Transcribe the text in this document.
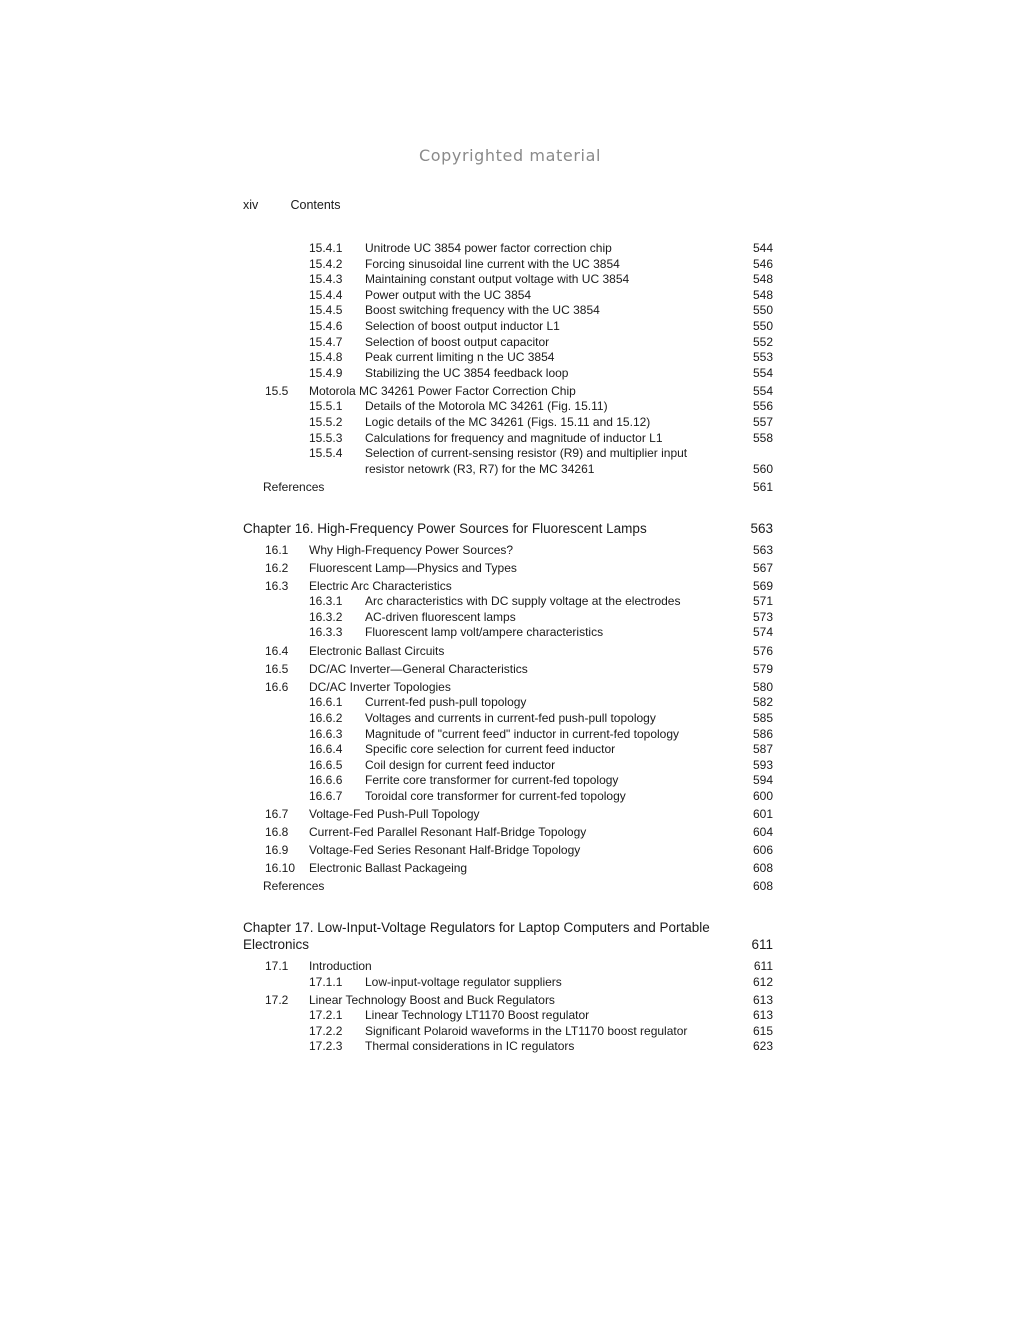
Copyrighted material
xiv	Contents
15.4.1 Unitrode UC 3854 power factor correction chip	544
15.4.2 Forcing sinusoidal line current with the UC 3854	546
15.4.3 Maintaining constant output voltage with UC 3854	548
15.4.4 Power output with the UC 3854	548
15.4.5 Boost switching frequency with the UC 3854	550
15.4.6 Selection of boost output inductor L1	550
15.4.7 Selection of boost output capacitor	552
15.4.8 Peak current limiting n the UC 3854	553
15.4.9 Stabilizing the UC 3854 feedback loop	554
15.5 Motorola MC 34261 Power Factor Correction Chip	554
15.5.1 Details of the Motorola MC 34261 (Fig. 15.11)	556
15.5.2 Logic details of the MC 34261 (Figs. 15.11 and 15.12)	557
15.5.3 Calculations for frequency and magnitude of inductor L1	558
15.5.4 Selection of current-sensing resistor (R9) and multiplier input resistor netowrk (R3, R7) for the MC 34261	560
References	561
Chapter 16. High-Frequency Power Sources for Fluorescent Lamps	563
16.1 Why High-Frequency Power Sources?	563
16.2 Fluorescent Lamp—Physics and Types	567
16.3 Electric Arc Characteristics	569
16.3.1 Arc characteristics with DC supply voltage at the electrodes	571
16.3.2 AC-driven fluorescent lamps	573
16.3.3 Fluorescent lamp volt/ampere characteristics	574
16.4 Electronic Ballast Circuits	576
16.5 DC/AC Inverter—General Characteristics	579
16.6 DC/AC Inverter Topologies	580
16.6.1 Current-fed push-pull topology	582
16.6.2 Voltages and currents in current-fed push-pull topology	585
16.6.3 Magnitude of "current feed" inductor in current-fed topology	586
16.6.4 Specific core selection for current feed inductor	587
16.6.5 Coil design for current feed inductor	593
16.6.6 Ferrite core transformer for current-fed topology	594
16.6.7 Toroidal core transformer for current-fed topology	600
16.7 Voltage-Fed Push-Pull Topology	601
16.8 Current-Fed Parallel Resonant Half-Bridge Topology	604
16.9 Voltage-Fed Series Resonant Half-Bridge Topology	606
16.10 Electronic Ballast Packageing	608
References	608
Chapter 17. Low-Input-Voltage Regulators for Laptop Computers and Portable Electronics	611
17.1 Introduction	611
17.1.1 Low-input-voltage regulator suppliers	612
17.2 Linear Technology Boost and Buck Regulators	613
17.2.1 Linear Technology LT1170 Boost regulator	613
17.2.2 Significant Polaroid waveforms in the LT1170 boost regulator	615
17.2.3 Thermal considerations in IC regulators	623
